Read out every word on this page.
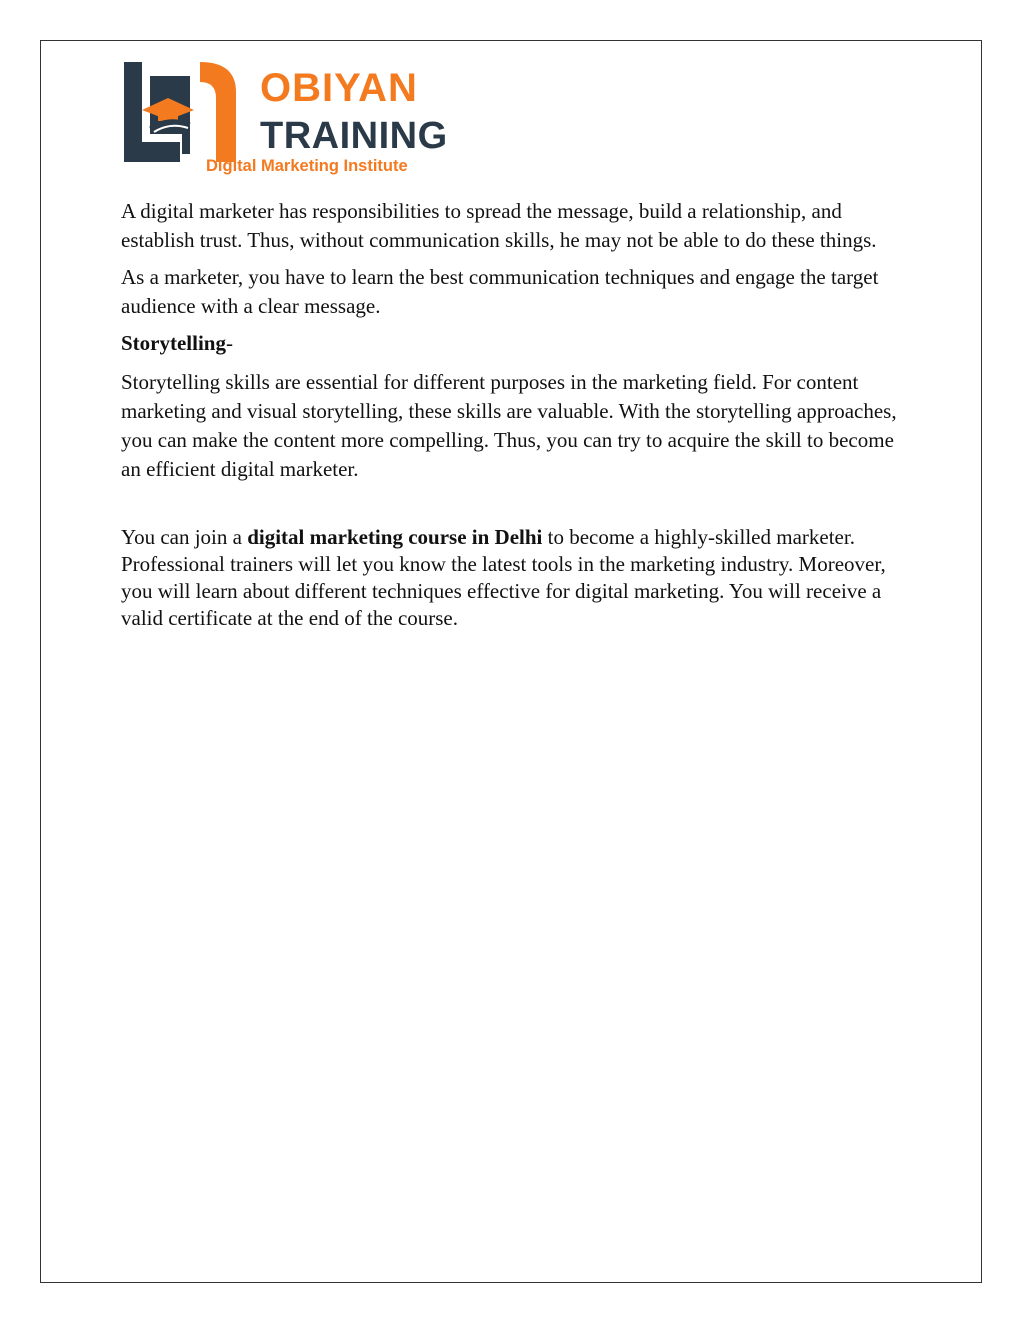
OBIYAN
TRAINING
Digital Marketing Institute

A digital marketer has responsibilities to spread the message, build a relationship, and establish trust. Thus, without communication skills, he may not be able to do these things.

As a marketer, you have to learn the best communication techniques and engage the target audience with a clear message.

Storytelling-

Storytelling skills are essential for different purposes in the marketing field. For content marketing and visual storytelling, these skills are valuable. With the storytelling approaches, you can make the content more compelling. Thus, you can try to acquire the skill to become an efficient digital marketer.

You can join a digital marketing course in Delhi to become a highly-skilled marketer. Professional trainers will let you know the latest tools in the marketing industry. Moreover, you will learn about different techniques effective for digital marketing. You will receive a valid certificate at the end of the course.
